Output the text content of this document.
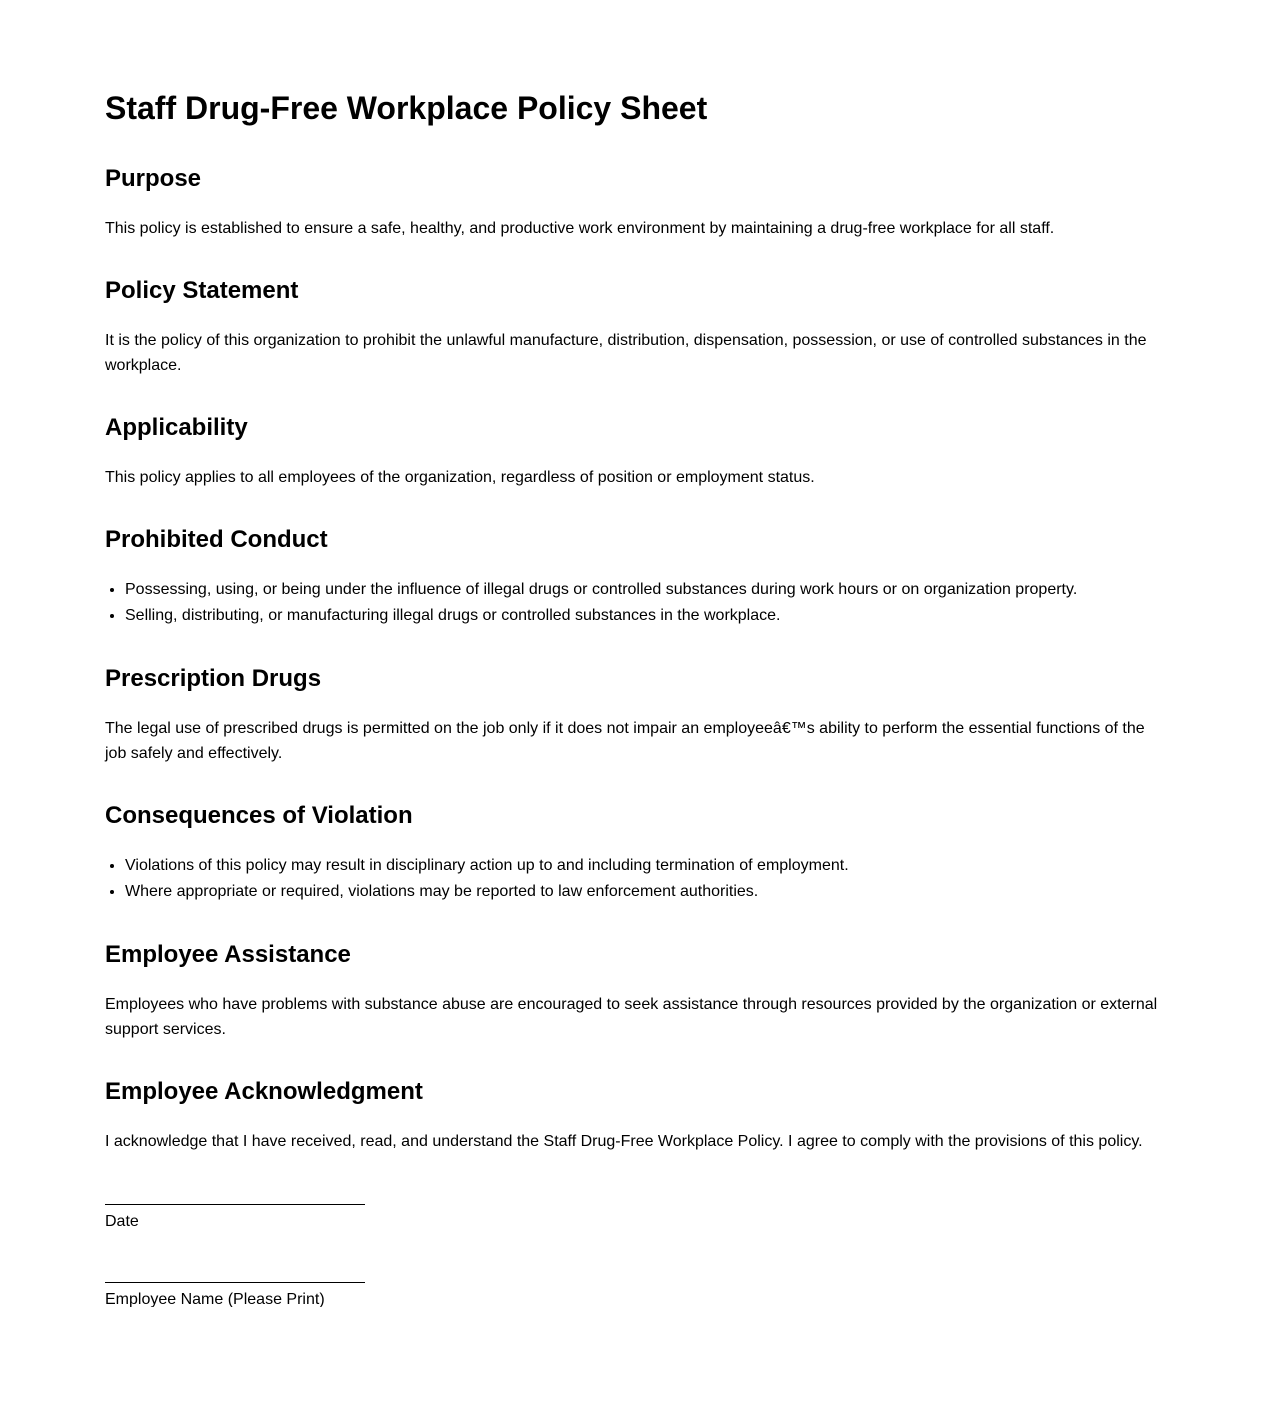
Staff Drug-Free Workplace Policy Sheet
Purpose

This policy is established to ensure a safe, healthy, and productive work environment by maintaining a drug-free workplace for all staff.

Policy Statement

It is the policy of this organization to prohibit the unlawful manufacture, distribution, dispensation, possession, or use of controlled substances in the workplace.

Applicability

This policy applies to all employees of the organization, regardless of position or employment status.

Prohibited Conduct
• Possessing, using, or being under the influence of illegal drugs or controlled substances during work hours or on organization property.
• Selling, distributing, or manufacturing illegal drugs or controlled substances in the workplace.
Prescription Drugs

The legal use of prescribed drugs is permitted on the job only if it does not impair an employeeâ€™s ability to perform the essential functions of the job safely and effectively.

Consequences of Violation
• Violations of this policy may result in disciplinary action up to and including termination of employment.
• Where appropriate or required, violations may be reported to law enforcement authorities.
Employee Assistance

Employees who have problems with substance abuse are encouraged to seek assistance through resources provided by the organization or external support services.

Employee Acknowledgment

I acknowledge that I have received, read, and understand the Staff Drug-Free Workplace Policy. I agree to comply with the provisions of this policy.

Date
Employee Name (Please Print)
